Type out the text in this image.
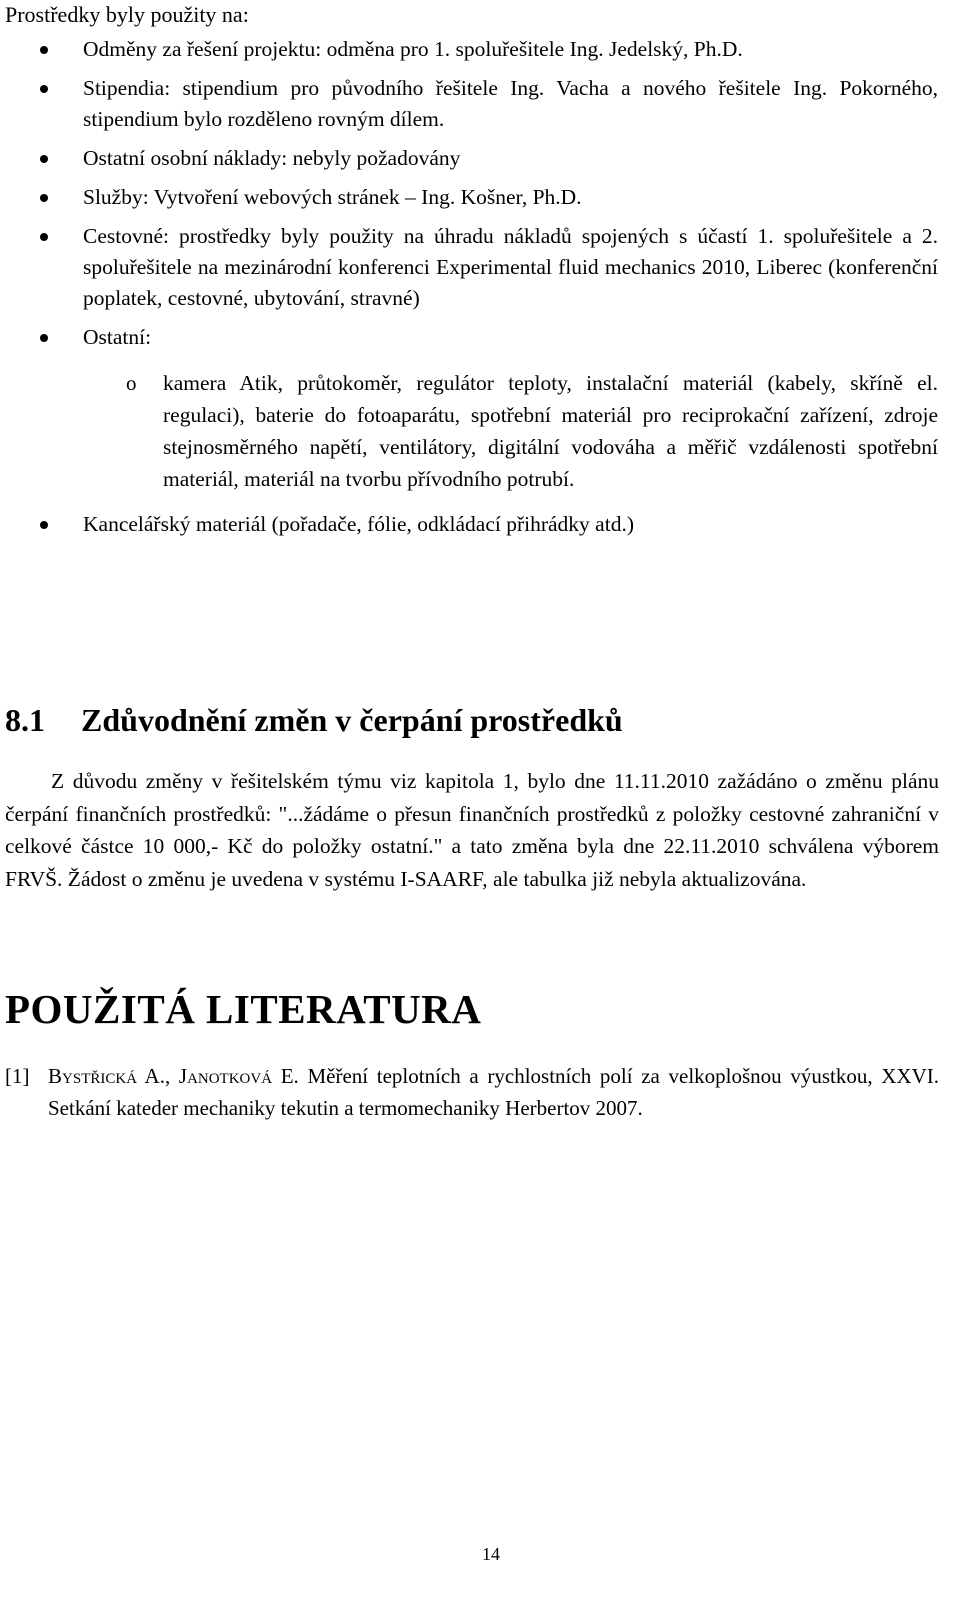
Prostředky byly použity na:

Odměny za řešení projektu: odměna pro 1. spoluřešitele Ing. Jedelský, Ph.D.
Stipendia: stipendium pro původního řešitele Ing. Vacha a nového řešitele Ing. Pokorného, stipendium bylo rozděleno rovným dílem.
Ostatní osobní náklady: nebyly požadovány
Služby: Vytvoření webových stránek – Ing. Košner, Ph.D.
Cestovné: prostředky byly použity na úhradu nákladů spojených s účastí 1. spoluřešitele a 2. spoluřešitele na mezinárodní konferenci Experimental fluid mechanics 2010, Liberec (konferenční poplatek, cestovné, ubytování, stravné)
Ostatní:
o kamera Atik, průtokoměr, regulátor teploty, instalační materiál (kabely, skříně el. regulaci), baterie do fotoaparátu, spotřební materiál pro reciprokační zařízení, zdroje stejnosměrného napětí, ventilátory, digitální vodováha a měřič vzdálenosti spotřební materiál, materiál na tvorbu přívodního potrubí.
Kancelářský materiál (pořadače, fólie, odkládací přihrádky atd.)
8.1 Zdůvodnění změn v čerpání prostředků

Z důvodu změny v řešitelském týmu viz kapitola 1, bylo dne 11.11.2010 zažádáno o změnu plánu čerpání finančních prostředků: "...žádáme o přesun finančních prostředků z položky cestovné zahraniční v celkové částce 10 000,- Kč do položky ostatní." a tato změna byla dne 22.11.2010 schválena výborem FRVŠ. Žádost o změnu je uvedena v systému I-SAARF, ale tabulka již nebyla aktualizována.

POUŽITÁ LITERATURA

[1] BYSTŘICKÁ A., JANOTKOVÁ E. Měření teplotních a rychlostních polí za velkoplošnou výustkou, XXVI. Setkání kateder mechaniky tekutin a termomechaniky Herbertov 2007.

14
